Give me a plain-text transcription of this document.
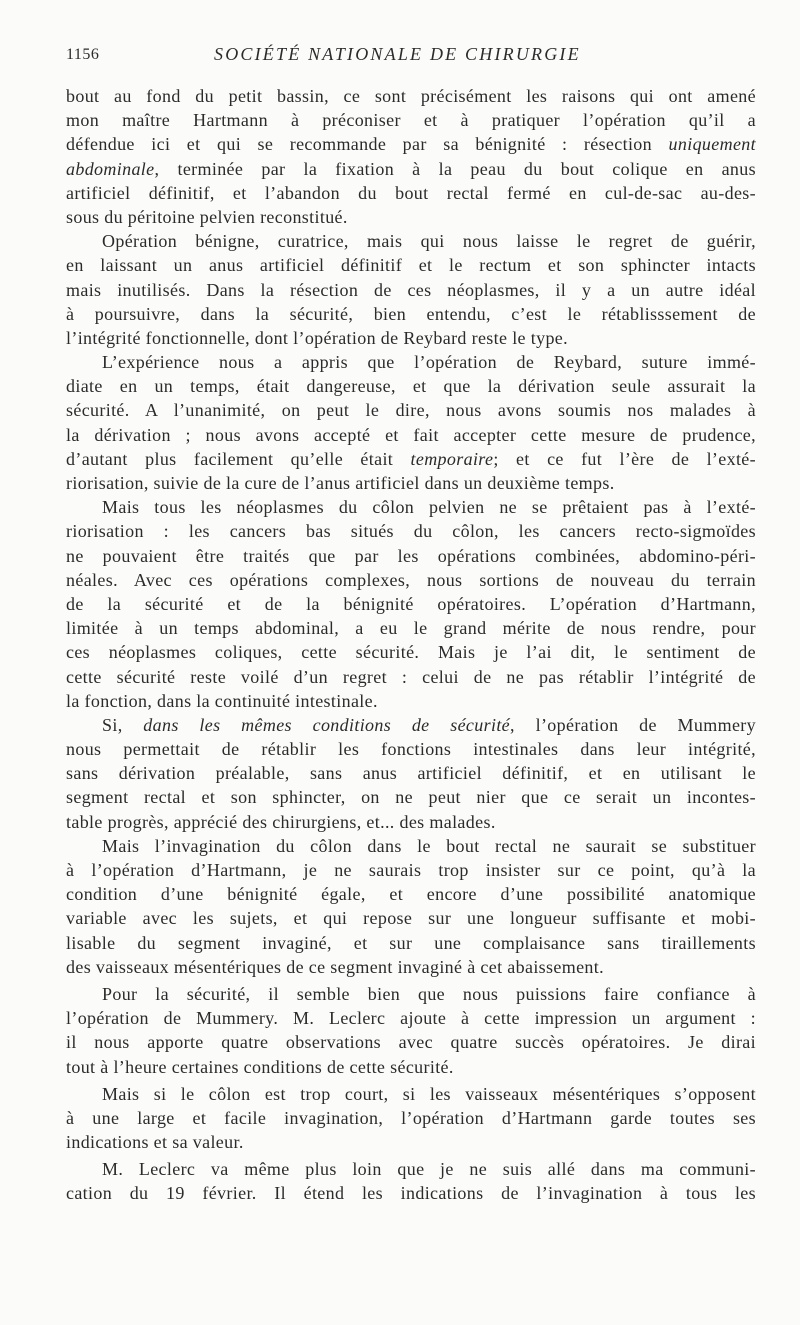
1156	SOCIÉTÉ NATIONALE DE CHIRURGIE
bout au fond du petit bassin, ce sont précisément les raisons qui ont amené
mon maître Hartmann à préconiser et à pratiquer l’opération qu’il a
défendue ici et qui se recommande par sa bénignité : résection uniquement
abdominale, terminée par la fixation à la peau du bout colique en anus
artificiel définitif, et l’abandon du bout rectal fermé en cul-de-sac au-des-
sous du péritoine pelvien reconstitué.
Opération bénigne, curatrice, mais qui nous laisse le regret de guérir,
en laissant un anus artificiel définitif et le rectum et son sphincter intacts
mais inutilisés. Dans la résection de ces néoplasmes, il y a un autre idéal
à poursuivre, dans la sécurité, bien entendu, c’est le rétablisssement de
l’intégrité fonctionnelle, dont l’opération de Reybard reste le type.
L’expérience nous a appris que l’opération de Reybard, suture immé-
diate en un temps, était dangereuse, et que la dérivation seule assurait la
sécurité. A l’unanimité, on peut le dire, nous avons soumis nos malades à
la dérivation ; nous avons accepté et fait accepter cette mesure de prudence,
d’autant plus facilement qu’elle était temporaire; et ce fut l’ère de l’exté-
riorisation, suivie de la cure de l’anus artificiel dans un deuxième temps.
Mais tous les néoplasmes du côlon pelvien ne se prêtaient pas à l’exté-
riorisation : les cancers bas situés du côlon, les cancers recto-sigmoïdes
ne pouvaient être traités que par les opérations combinées, abdomino-péri-
néales. Avec ces opérations complexes, nous sortions de nouveau du terrain
de la sécurité et de la bénignité opératoires. L’opération d’Hartmann,
limitée à un temps abdominal, a eu le grand mérite de nous rendre, pour
ces néoplasmes coliques, cette sécurité. Mais je l’ai dit, le sentiment de
cette sécurité reste voilé d’un regret : celui de ne pas rétablir l’intégrité de
la fonction, dans la continuité intestinale.
Si, dans les mêmes conditions de sécurité, l’opération de Mummery
nous permettait de rétablir les fonctions intestinales dans leur intégrité,
sans dérivation préalable, sans anus artificiel définitif, et en utilisant le
segment rectal et son sphincter, on ne peut nier que ce serait un incontes-
table progrès, apprécié des chirurgiens, et... des malades.
Mais l’invagination du côlon dans le bout rectal ne saurait se substituer
à l’opération d’Hartmann, je ne saurais trop insister sur ce point, qu’à la
condition d’une bénignité égale, et encore d’une possibilité anatomique
variable avec les sujets, et qui repose sur une longueur suffisante et mobi-
lisable du segment invaginé, et sur une complaisance sans tiraillements
des vaisseaux mésentériques de ce segment invaginé à cet abaissement.
Pour la sécurité, il semble bien que nous puissions faire confiance à
l’opération de Mummery. M. Leclerc ajoute à cette impression un argument :
il nous apporte quatre observations avec quatre succès opératoires. Je dirai
tout à l’heure certaines conditions de cette sécurité.
Mais si le côlon est trop court, si les vaisseaux mésentériques s’opposent
à une large et facile invagination, l’opération d’Hartmann garde toutes ses
indications et sa valeur.
M. Leclerc va même plus loin que je ne suis allé dans ma communi-
cation du 19 février. Il étend les indications de l’invagination à tous les
